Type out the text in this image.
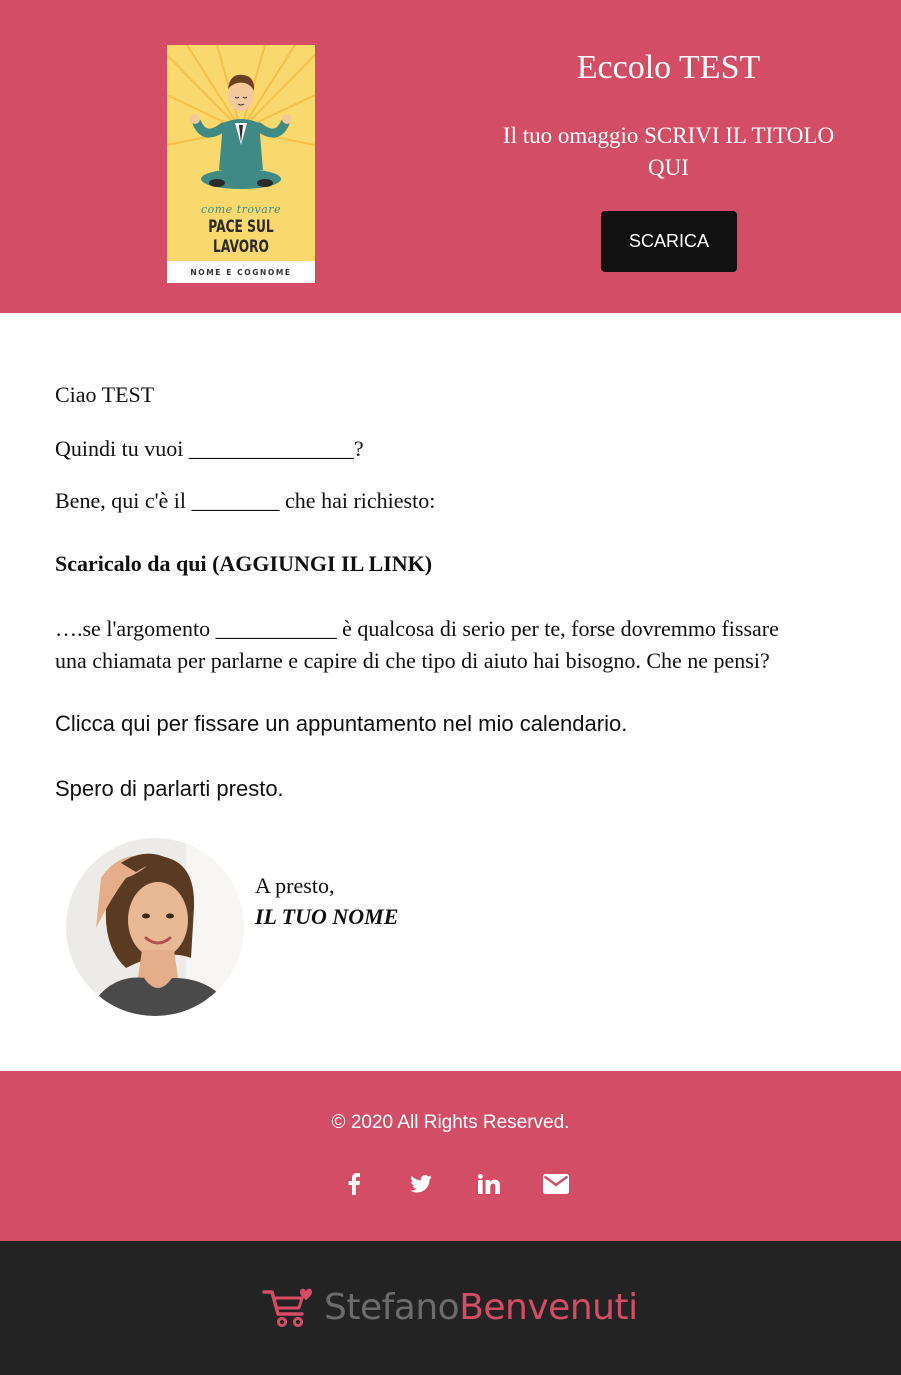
come trovare
PACE SUL LAVORO
NOME E COGNOME
Eccolo TEST
Il tuo omaggio SCRIVI IL TITOLO QUI
SCARICA
Ciao TEST
Quindi tu vuoi _______________?
Bene, qui c'è il ________ che hai richiesto:
Scaricalo da qui (AGGIUNGI IL LINK)
….se l'argomento ___________ è qualcosa di serio per te, forse dovremmo fissare
una chiamata per parlarne e capire di che tipo di aiuto hai bisogno. Che ne pensi?
Clicca qui per fissare un appuntamento nel mio calendario.
Spero di parlarti presto.
A presto,
IL TUO NOME
© 2020 All Rights Reserved.
Stefano Benvenuti
